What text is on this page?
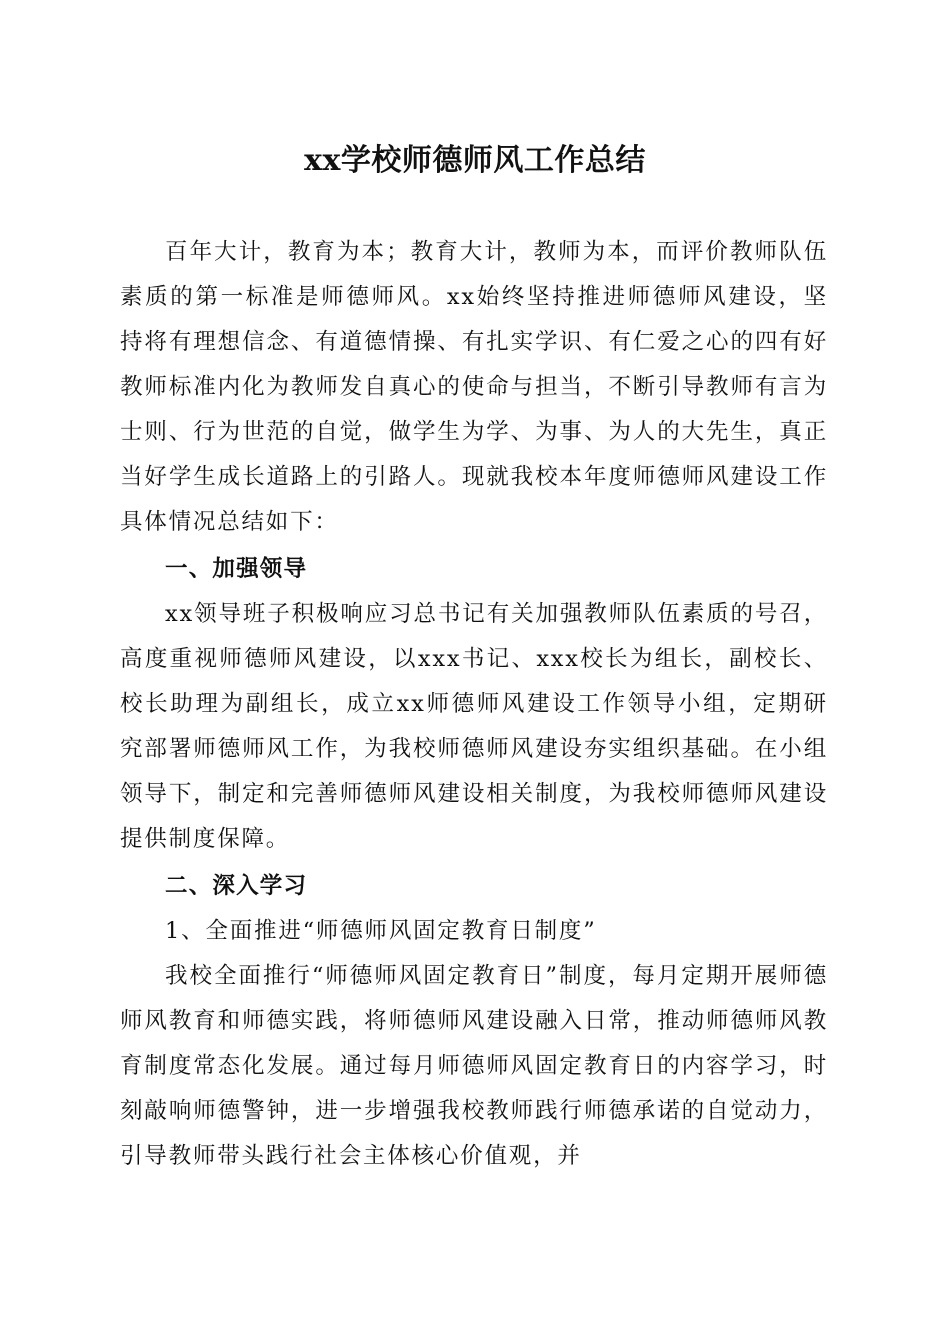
xx学校师德师风工作总结

百年大计，教育为本；教育大计，教师为本，而评价教师队伍素质的第一标准是师德师风。xx始终坚持推进师德师风建设，坚持将有理想信念、有道德情操、有扎实学识、有仁爱之心的四有好教师标准内化为教师发自真心的使命与担当，不断引导教师有言为士则、行为世范的自觉，做学生为学、为事、为人的大先生，真正当好学生成长道路上的引路人。现就我校本年度师德师风建设工作具体情况总结如下：

一、加强领导

xx领导班子积极响应习总书记有关加强教师队伍素质的号召，高度重视师德师风建设，以xxx书记、xxx校长为组长，副校长、校长助理为副组长，成立xx师德师风建设工作领导小组，定期研究部署师德师风工作，为我校师德师风建设夯实组织基础。在小组领导下，制定和完善师德师风建设相关制度，为我校师德师风建设提供制度保障。

二、深入学习

1、全面推进“师德师风固定教育日制度”

我校全面推行“师德师风固定教育日”制度，每月定期开展师德师风教育和师德实践，将师德师风建设融入日常，推动师德师风教育制度常态化发展。通过每月师德师风固定教育日的内容学习，时刻敲响师德警钟，进一步增强我校教师践行师德承诺的自觉动力，引导教师带头践行社会主体核心价值观，并
